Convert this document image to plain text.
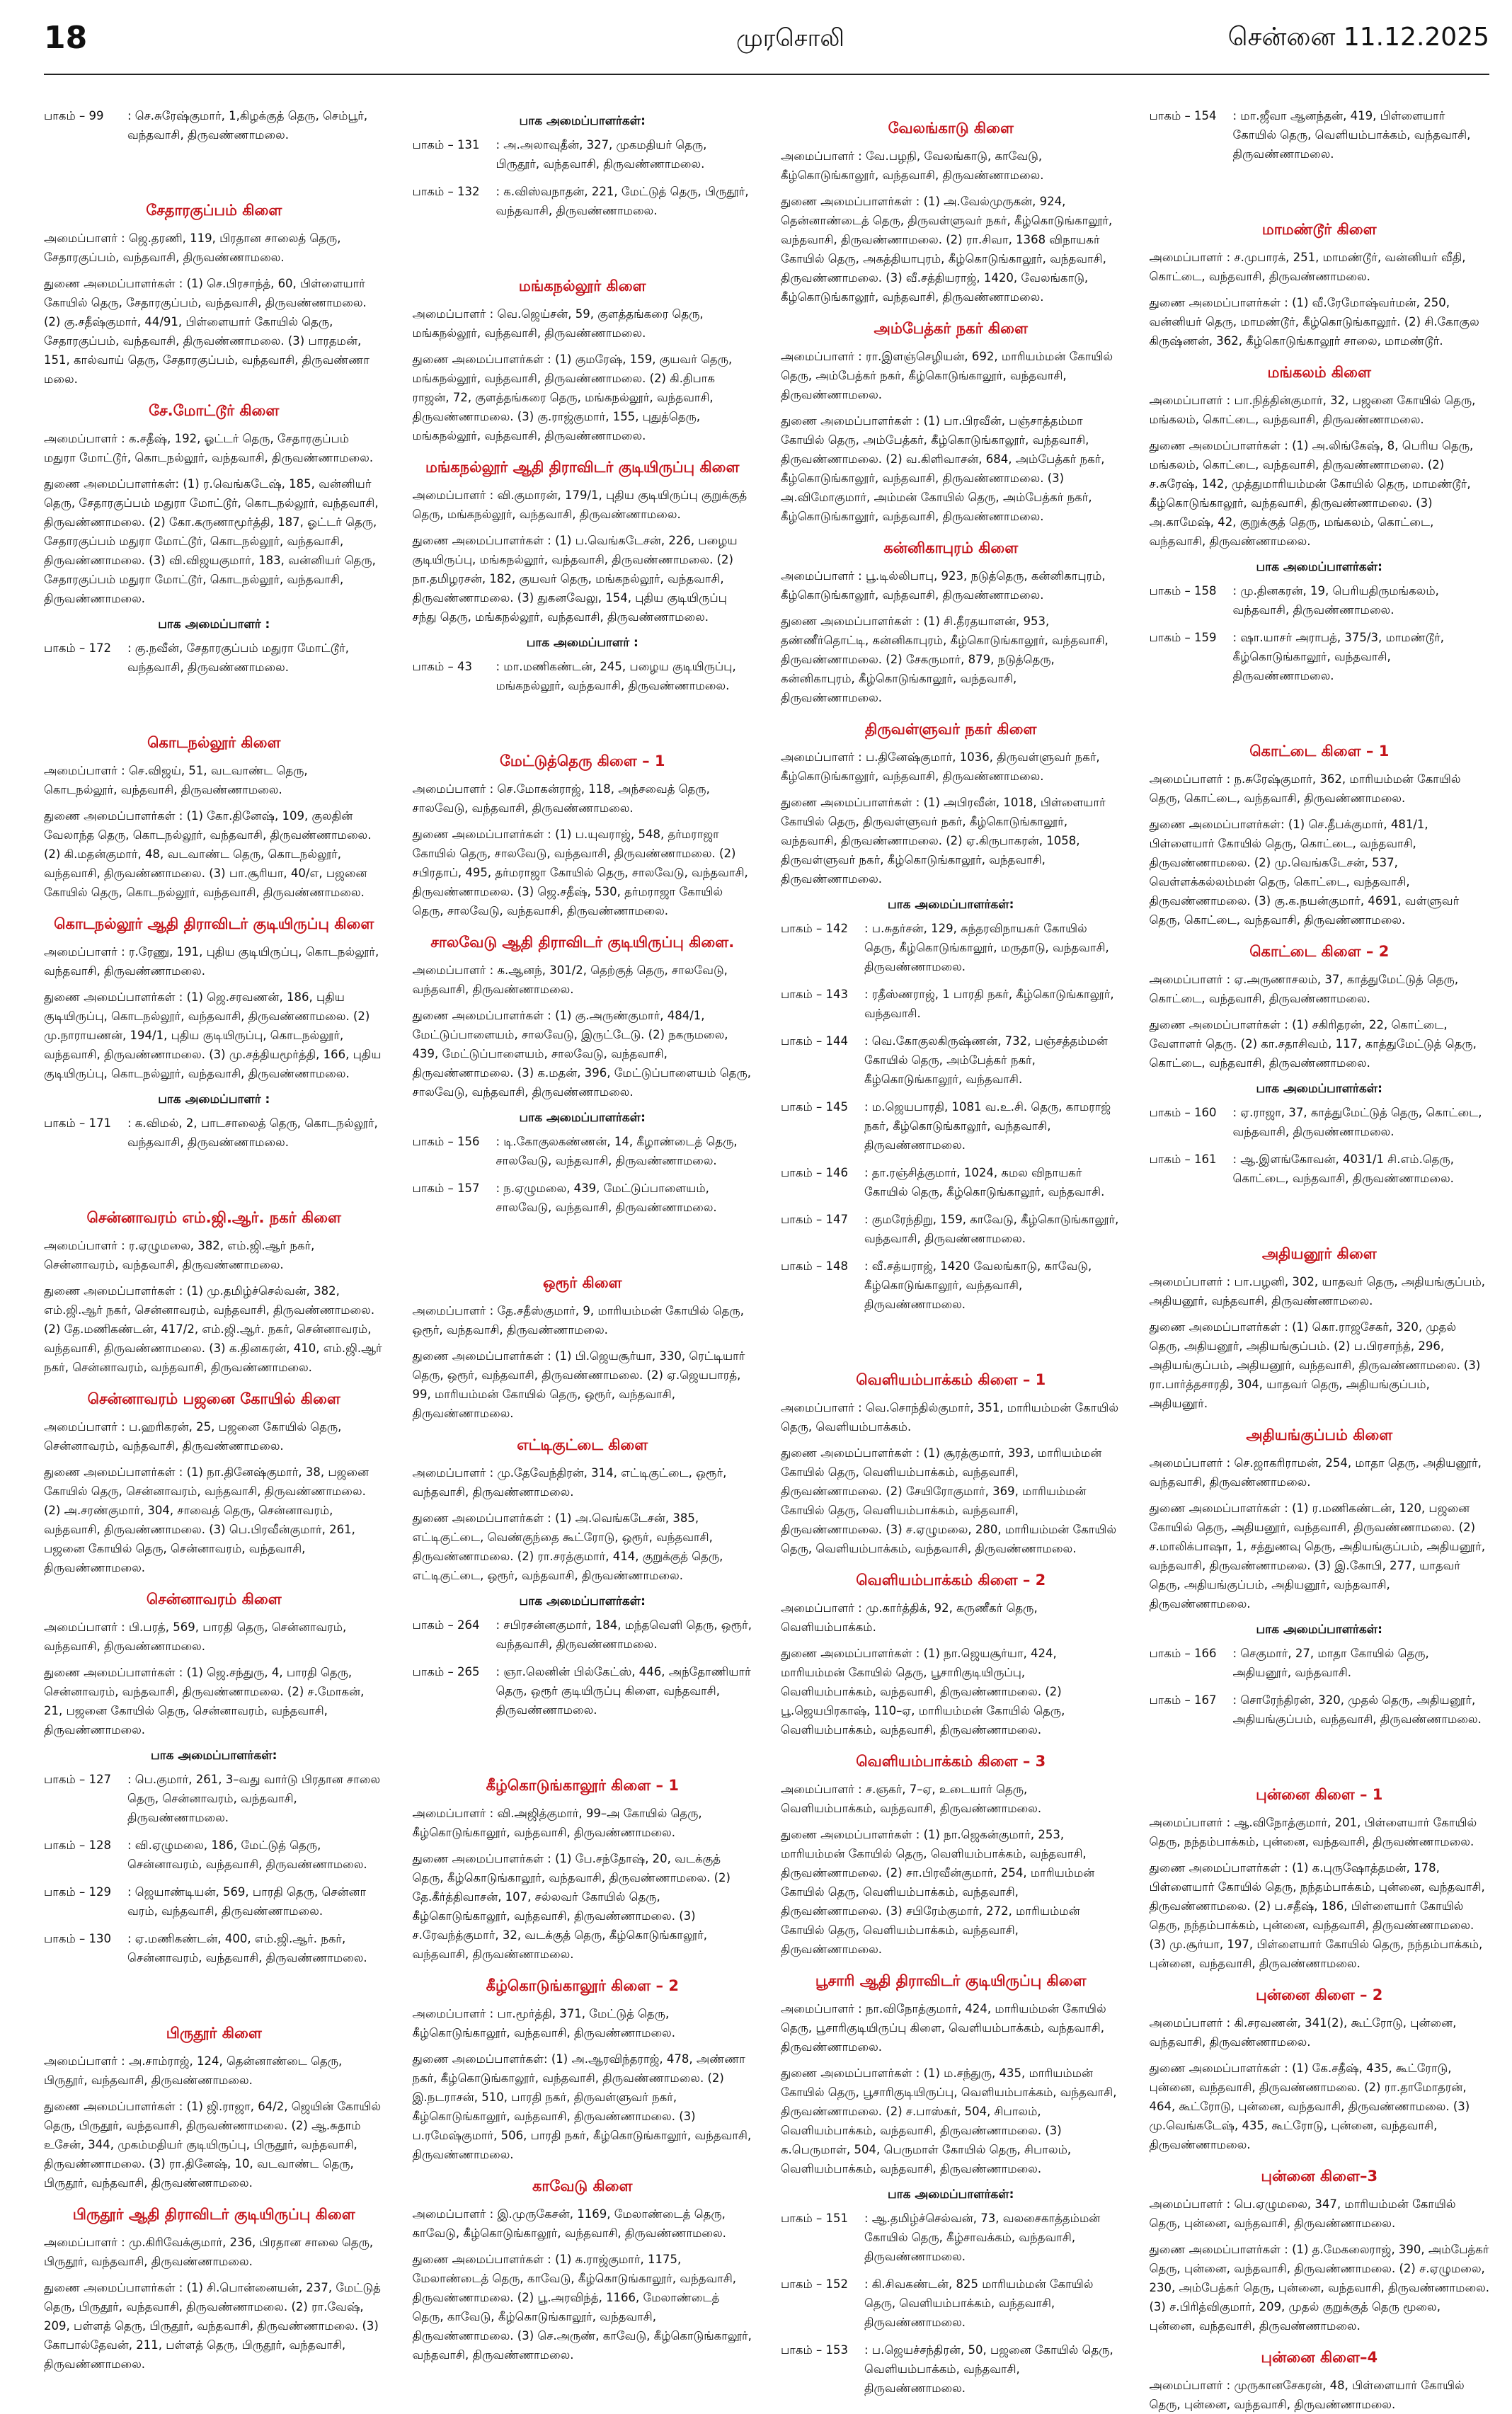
18	முரசொலி	சென்னை 11.12.2025
பாகம் – 99	: செ.சுரேஷ்குமார், 1,கிழக்குத் தெரு, செம்பூர், வந்தவாசி, திருவண்ணாமலை.
சேதாரகுப்பம் கிளை
அமைப்பாளர் : ஜெ.தரணி, 119, பிரதான சாலைத் தெரு, சேதாரகுப்பம், வந்தவாசி, திருவண்ணாமலை.
துணை அமைப்பாளர்கள் : (1) செ.பிரசாந்த், 60, பிள்ளையார் கோயில் தெரு, சேதாரகுப்பம், வந்தவாசி, திருவண்ணாமலை. (2) கு.சதீஷ்குமார், 44/91, பிள்ளையார் கோயில் தெரு, சேதாரகுப்பம், வந்தவாசி, திருவண்ணாமலை. (3) பாரதமன், 151, கால்வாய் தெரு, சேதாரகுப்பம், வந்தவாசி, திருவண்ணா மலை.
சே.மோட்டூர் கிளை
அமைப்பாளர் : க.சதீஷ், 192, ஓட்டர் தெரு, சேதாரகுப்பம் மதுரா மோட்டூர், கொடநல்லூர், வந்தவாசி, திருவண்ணாமலை.
துணை அமைப்பாளர்கள்: (1) ர.வெங்கடேஷ், 185, வன்னியர் தெரு, சேதாரகுப்பம் மதுரா மோட்டூர், கொடநல்லூர், வந்தவாசி, திருவண்ணாமலை. (2) கோ.கருணாமூர்த்தி, 187, ஓட்டர் தெரு, சேதாரகுப்பம் மதுரா மோட்டூர், கொடநல்லூர், வந்தவாசி, திருவண்ணாமலை. (3) வி.விஜயகுமார், 183, வன்னியர் தெரு, சேதாரகுப்பம் மதுரா மோட்டூர், கொடநல்லூர், வந்தவாசி, திருவண்ணாமலை.
பாக அமைப்பாளர் :
பாகம் – 172	: கு.நவீன், சேதாரகுப்பம் மதுரா மோட்டூர், வந்தவாசி, திருவண்ணாமலை.
கொடநல்லூர் கிளை
அமைப்பாளர் : செ.விஜய், 51, வடவாண்ட தெரு, கொடநல்லூர், வந்தவாசி, திருவண்ணாமலை.
துணை அமைப்பாளர்கள் : (1) கோ.தினேஷ், 109, குலதின் வேலாந்த தெரு, கொடநல்லூர், வந்தவாசி, திருவண்ணாமலை. (2) கி.மதன்குமார், 48, வடவாண்ட தெரு, கொடநல்லூர், வந்தவாசி, திருவண்ணாமலை. (3) பா.சூரியா, 40/எ, பஜனை கோயில் தெரு, கொடநல்லூர், வந்தவாசி, திருவண்ணாமலை.
கொடநல்லூர் ஆதி திராவிடர் குடியிருப்பு கிளை
அமைப்பாளர் : ர.ரேணு, 191, புதிய குடியிருப்பு, கொடநல்லூர், வந்தவாசி, திருவண்ணாமலை.
துணை அமைப்பாளர்கள் : (1) ஜெ.சரவணன், 186, புதிய குடியிருப்பு, கொடநல்லூர், வந்தவாசி, திருவண்ணாமலை. (2) மு.நாராயணன், 194/1, புதிய குடியிருப்பு, கொடநல்லூர், வந்தவாசி, திருவண்ணாமலை. (3) மு.சத்தியமூர்த்தி, 166, புதிய குடியிருப்பு, கொடநல்லூர், வந்தவாசி, திருவண்ணாமலை.
பாக அமைப்பாளர் :
பாகம் – 171	: க.விமல், 2, பாடசாலைத் தெரு, கொடநல்லூர், வந்தவாசி, திருவண்ணாமலை.
சென்னாவரம் எம்.ஜி.ஆர். நகர் கிளை
அமைப்பாளர் : ர.ஏழுமலை, 382, எம்.ஜி.ஆர் நகர், சென்னாவரம், வந்தவாசி, திருவண்ணாமலை.
துணை அமைப்பாளர்கள் : (1) மு.தமிழ்ச்செல்வன், 382, எம்.ஜி.ஆர் நகர், சென்னாவரம், வந்தவாசி, திருவண்ணாமலை. (2) தே.மணிகண்டன், 417/2, எம்.ஜி.ஆர். நகர், சென்னாவரம், வந்தவாசி, திருவண்ணாமலை. (3) க.தினகரன், 410, எம்.ஜி.ஆர் நகர், சென்னாவரம், வந்தவாசி, திருவண்ணாமலை.
சென்னாவரம் பஜனை கோயில் கிளை
அமைப்பாளர் : ப.ஹரிகரன், 25, பஜனை கோயில் தெரு, சென்னாவரம், வந்தவாசி, திருவண்ணாமலை.
துணை அமைப்பாளர்கள் : (1) நா.தினேஷ்குமார், 38, பஜனை கோயில் தெரு, சென்னாவரம், வந்தவாசி, திருவண்ணாமலை. (2) அ.சரண்குமார், 304, சாவைத் தெரு, சென்னாவரம், வந்தவாசி, திருவண்ணாமலை. (3) பெ.பிரவீன்குமார், 261, பஜனை கோயில் தெரு, சென்னாவரம், வந்தவாசி, திருவண்ணாமலை.
சென்னாவரம் கிளை
அமைப்பாளர் : பி.பரத், 569, பாரதி தெரு, சென்னாவரம், வந்தவாசி, திருவண்ணாமலை.
துணை அமைப்பாளர்கள் : (1) ஜெ.சந்துரு, 4, பாரதி தெரு, சென்னாவரம், வந்தவாசி, திருவண்ணாமலை. (2) ச.மோகன், 21, பஜனை கோயில் தெரு, சென்னாவரம், வந்தவாசி, திருவண்ணாமலை.
பாக அமைப்பாளர்கள்:
பாகம் – 127	: பெ.குமார், 261, 3–வது வார்டு பிரதான சாலை தெரு, சென்னாவரம், வந்தவாசி, திருவண்ணாமலை.
பாகம் – 128	: வி.ஏழுமலை, 186, மேட்டுத் தெரு, சென்னாவரம், வந்தவாசி, திருவண்ணாமலை.
பாகம் – 129	: ஜெயாண்டியன், 569, பாரதி தெரு, சென்னா வரம், வந்தவாசி, திருவண்ணாமலை.
பாகம் – 130	: ஏ.மணிகண்டன், 400, எம்.ஜி.ஆர். நகர், சென்னாவரம், வந்தவாசி, திருவண்ணாமலை.
பிருதூர் கிளை
அமைப்பாளர் : அ.சாம்ராஜ், 124, தென்னாண்டை தெரு, பிருதூர், வந்தவாசி, திருவண்ணாமலை.
துணை அமைப்பாளர்கள் : (1) ஜி.ராஜா, 64/2, ஜெயின் கோயில் தெரு, பிருதூர், வந்தவாசி, திருவண்ணாமலை. (2) ஆ.சுதாம் உசேன், 344, முகம்மதியர் குடியிருப்பு, பிருதூர், வந்தவாசி, திருவண்ணாமலை. (3) ரா.தினேஷ், 10, வடவாண்ட தெரு, பிருதூர், வந்தவாசி, திருவண்ணாமலை.
பிருதூர் ஆதி திராவிடர் குடியிருப்பு கிளை
அமைப்பாளர் : மு.கிரிவேக்குமார், 236, பிரதான சாலை தெரு, பிருதூர், வந்தவாசி, திருவண்ணாமலை.
துணை அமைப்பாளர்கள் : (1) சி.பொன்னையன், 237, மேட்டுத் தெரு, பிருதூர், வந்தவாசி, திருவண்ணாமலை. (2) ரா.வேஷ், 209, பள்ளத் தெரு, பிருதூர், வந்தவாசி, திருவண்ணாமலை. (3) கோபால்தேவன், 211, பள்ளத் தெரு, பிருதூர், வந்தவாசி, திருவண்ணாமலை.
பாக அமைப்பாளர்கள்:
பாகம் – 131	: அ.அலாவுதீன், 327, முகமதியர் தெரு, பிருதூர், வந்தவாசி, திருவண்ணாமலை.
பாகம் – 132	: க.விஸ்வநாதன், 221, மேட்டுத் தெரு, பிருதூர், வந்தவாசி, திருவண்ணாமலை.
மங்கநல்லூர் கிளை
அமைப்பாளர் : வெ.ஜெய்சன், 59, குளத்தங்கரை தெரு, மங்கநல்லூர், வந்தவாசி, திருவண்ணாமலை.
துணை அமைப்பாளர்கள் : (1) குமரேஷ், 159, குயவர் தெரு, மங்கநல்லூர், வந்தவாசி, திருவண்ணாமலை. (2) கி.திபாக ராஜன், 72, குளத்தங்கரை தெரு, மங்கநல்லூர், வந்தவாசி, திருவண்ணாமலை. (3) கு.ராஜ்குமார், 155, புதுத்தெரு, மங்கநல்லூர், வந்தவாசி, திருவண்ணாமலை.
மங்கநல்லூர் ஆதி திராவிடர் குடியிருப்பு கிளை
அமைப்பாளர் : வி.குமாரன், 179/1, புதிய குடியிருப்பு குறுக்குத் தெரு, மங்கநல்லூர், வந்தவாசி, திருவண்ணாமலை.
துணை அமைப்பாளர்கள் : (1) ப.வெங்கடேசன், 226, பழைய குடியிருப்பு, மங்கநல்லூர், வந்தவாசி, திருவண்ணாமலை. (2) நா.தமிழரசன், 182, குயவர் தெரு, மங்கநல்லூர், வந்தவாசி, திருவண்ணாமலை. (3) துகனவேலு, 154, புதிய குடியிருப்பு சந்து தெரு, மங்கநல்லூர், வந்தவாசி, திருவண்ணாமலை.
பாக அமைப்பாளர் :
பாகம் – 43	: மா.மணிகண்டன், 245, பழைய குடியிருப்பு, மங்கநல்லூர், வந்தவாசி, திருவண்ணாமலை.
மேட்டுத்தெரு கிளை – 1
அமைப்பாளர் : செ.மோகன்ராஜ், 118, அந்சவைத் தெரு, சாலவேடு, வந்தவாசி, திருவண்ணாமலை.
துணை அமைப்பாளர்கள் : (1) ப.யுவராஜ், 548, தர்மராஜா கோயில் தெரு, சாலவேடு, வந்தவாசி, திருவண்ணாமலை. (2) சபிரதாப், 495, தர்மராஜா கோயில் தெரு, சாலவேடு, வந்தவாசி, திருவண்ணாமலை. (3) ஜெ.சதீஷ், 530, தர்மராஜா கோயில் தெரு, சாலவேடு, வந்தவாசி, திருவண்ணாமலை.
சாலவேடு ஆதி திராவிடர் குடியிருப்பு கிளை.
அமைப்பாளர் : க.ஆனந், 301/2, தெற்குத் தெரு, சாலவேடு, வந்தவாசி, திருவண்ணாமலை.
துணை அமைப்பாளர்கள் : (1) கு.அருண்குமார், 484/1, மேட்டுப்பாளையம், சாலவேடு, இருட்டேடு. (2) நகருமலை, 439, மேட்டுப்பாளையம், சாலவேடு, வந்தவாசி, திருவண்ணாமலை. (3) க.மதன், 396, மேட்டுப்பாளையம் தெரு, சாலவேடு, வந்தவாசி, திருவண்ணாமலை.
பாக அமைப்பாளர்கள்:
பாகம் – 156	: டி.கோகுலகண்ணன், 14, கீழாண்டைத் தெரு, சாலவேடு, வந்தவாசி, திருவண்ணாமலை.
பாகம் – 157	: ந.ஏழுமலை, 439, மேட்டுப்பாளையம், சாலவேடு, வந்தவாசி, திருவண்ணாமலை.
ஒரூர் கிளை
அமைப்பாளர் : தே.சதீஸ்குமார், 9, மாரியம்மன் கோயில் தெரு, ஒரூர், வந்தவாசி, திருவண்ணாமலை.
துணை அமைப்பாளர்கள் : (1) பி.ஜெயசூர்யா, 330, ரெட்டியார் தெரு, ஒரூர், வந்தவாசி, திருவண்ணாமலை. (2) ஏ.ஜெயபாரத், 99, மாரியம்மன் கோயில் தெரு, ஒரூர், வந்தவாசி, திருவண்ணாமலை.
எட்டிகுட்டை கிளை
அமைப்பாளர் : மு.தேவேந்திரன், 314, எட்டிகுட்டை, ஒரூர், வந்தவாசி, திருவண்ணாமலை.
துணை அமைப்பாளர்கள் : (1) அ.வெங்கடேசன், 385, எட்டிகுட்டை, வெண்குந்தை கூட்ரோடு, ஒரூர், வந்தவாசி, திருவண்ணாமலை. (2) ரா.சரத்குமார், 414, குறுக்குத் தெரு, எட்டிகுட்டை, ஒரூர், வந்தவாசி, திருவண்ணாமலை.
பாக அமைப்பாளர்கள்:
பாகம் – 264	: சபிரசன்னகுமார், 184, மந்தவெளி தெரு, ஒரூர், வந்தவாசி, திருவண்ணாமலை.
பாகம் – 265	: ஞா.லெனின் பில்கேட்ஸ், 446, அந்தோணியார் தெரு, ஒரூர் குடியிருப்பு கிளை, வந்தவாசி, திருவண்ணாமலை.
கீழ்கொடுங்காலூர் கிளை – 1
அமைப்பாளர் : வி.அஜித்குமார், 99–அ கோயில் தெரு, கீழ்கொடுங்காலூர், வந்தவாசி, திருவண்ணாமலை.
துணை அமைப்பாளர்கள் : (1) பே.சந்தோஷ், 20, வடக்குத் தெரு, கீழ்கொடுங்காலூர், வந்தவாசி, திருவண்ணாமலை. (2) தே.கீர்த்திவாசன், 107, சல்லவர் கோயில் தெரு, கீழ்கொடுங்காலூர், வந்தவாசி, திருவண்ணாமலை. (3) ச.ரேவந்த்குமார், 32, வடக்குத் தெரு, கீழ்கொடுங்காலூர், வந்தவாசி, திருவண்ணாமலை.
கீழ்கொடுங்காலூர் கிளை – 2
அமைப்பாளர் : பா.மூர்த்தி, 371, மேட்டுத் தெரு, கீழ்கொடுங்காலூர், வந்தவாசி, திருவண்ணாமலை.
துணை அமைப்பாளர்கள்: (1) அ.ஆரவிந்தராஜ், 478, அண்ணா நகர், கீழ்கொடுங்காலூர், வந்தவாசி, திருவண்ணாமலை. (2) இ.நடராசன், 510, பாரதி நகர், திருவள்ளுவர் நகர், கீழ்கொடுங்காலூர், வந்தவாசி, திருவண்ணாமலை. (3) ப.ரமேஷ்குமார், 506, பாரதி நகர், கீழ்கொடுங்காலூர், வந்தவாசி, திருவண்ணாமலை.
காவேடு கிளை
அமைப்பாளர் : இ.முருகேசன், 1169, மேலாண்டைத் தெரு, காவேடு, கீழ்கொடுங்காலூர், வந்தவாசி, திருவண்ணாமலை.
துணை அமைப்பாளர்கள் : (1) க.ராஜ்குமார், 1175, மேலாண்டைத் தெரு, காவேடு, கீழ்கொடுங்காலூர், வந்தவாசி, திருவண்ணாமலை. (2) பூ.அரவிந்த், 1166, மேலாண்டைத் தெரு, காவேடு, கீழ்கொடுங்காலூர், வந்தவாசி, திருவண்ணாமலை. (3) செ.அருண், காவேடு, கீழ்கொடுங்காலூர், வந்தவாசி, திருவண்ணாமலை.
வேலங்காடு கிளை
அமைப்பாளர் : வே.பழநி, வேலங்காடு, காவேடு, கீழ்கொடுங்காலூர், வந்தவாசி, திருவண்ணாமலை.
துணை அமைப்பாளர்கள் : (1) அ.வேல்முருகன், 924, தென்னாண்டைத் தெரு, திருவள்ளுவர் நகர், கீழ்கொடுங்காலூர், வந்தவாசி, திருவண்ணாமலை. (2) ரா.சிவா, 1368 விநாயகர் கோயில் தெரு, அகத்தியாபுரம், கீழ்கொடுங்காலூர், வந்தவாசி, திருவண்ணாமலை. (3) வீ.சத்தியராஜ், 1420, வேலங்காடு, கீழ்கொடுங்காலூர், வந்தவாசி, திருவண்ணாமலை.
அம்பேத்கர் நகர் கிளை
அமைப்பாளர் : ரா.இளஞ்செழியன், 692, மாரியம்மன் கோயில் தெரு, அம்பேத்கர் நகர், கீழ்கொடுங்காலூர், வந்தவாசி, திருவண்ணாமலை.
துணை அமைப்பாளர்கள் : (1) பா.பிரவீன், பஞ்சாத்தம்மா கோயில் தெரு, அம்பேத்கர், கீழ்கொடுங்காலூர், வந்தவாசி, திருவண்ணாமலை. (2) வ.கிளிவாசன், 684, அம்பேத்கர் நகர், கீழ்கொடுங்காலூர், வந்தவாசி, திருவண்ணாமலை. (3) அ.விமோகுமார், அம்மன் கோயில் தெரு, அம்பேத்கர் நகர், கீழ்கொடுங்காலூர், வந்தவாசி, திருவண்ணாமலை.
கன்னிகாபுரம் கிளை
அமைப்பாளர் : பூ.டில்லிபாபு, 923, நடுத்தெரு, கன்னிகாபுரம், கீழ்கொடுங்காலூர், வந்தவாசி, திருவண்ணாமலை.
துணை அமைப்பாளர்கள் : (1) சி.தீரதயாளன், 953, தண்ணீர்தொட்டி, கன்னிகாபுரம், கீழ்கொடுங்காலூர், வந்தவாசி, திருவண்ணாமலை. (2) சேகருமார், 879, நடுத்தெரு, கன்னிகாபுரம், கீழ்கொடுங்காலூர், வந்தவாசி, திருவண்ணாமலை.
திருவள்ளுவர் நகர் கிளை
அமைப்பாளர் : ப.தினேஷ்குமார், 1036, திருவள்ளுவர் நகர், கீழ்கொடுங்காலூர், வந்தவாசி, திருவண்ணாமலை.
துணை அமைப்பாளர்கள் : (1) அபிரவீன், 1018, பிள்ளையார் கோயில் தெரு, திருவள்ளுவர் நகர், கீழ்கொடுங்காலூர், வந்தவாசி, திருவண்ணாமலை. (2) ஏ.கிருபாகரன், 1058, திருவள்ளுவர் நகர், கீழ்கொடுங்காலூர், வந்தவாசி, திருவண்ணாமலை.
பாக அமைப்பாளர்கள்:
பாகம் – 142	: ப.சுதர்சன், 129, சுந்தரவிநாயகர் கோயில் தெரு, கீழ்கொடுங்காலூர், மருதாடு, வந்தவாசி, திருவண்ணாமலை.
பாகம் – 143	: ரதீஸ்ணராஜ், 1 பாரதி நகர், கீழ்கொடுங்காலூர், வந்தவாசி.
பாகம் – 144	: வெ.கோகுலகிருஷ்ணன், 732, பஞ்சத்தம்மன் கோயில் தெரு, அம்பேத்கர் நகர், கீழ்கொடுங்காலூர், வந்தவாசி.
பாகம் – 145	: ம.ஜெயபாரதி, 1081 வ.உ.சி. தெரு, காமராஜ் நகர், கீழ்கொடுங்காலூர், வந்தவாசி, திருவண்ணாமலை.
பாகம் – 146	: தா.ரஞ்சித்குமார், 1024, கமல விநாயகர் கோயில் தெரு, கீழ்கொடுங்காலூர், வந்தவாசி.
பாகம் – 147	: குமரேந்திறு, 159, காவேடு, கீழ்கொடுங்காலூர், வந்தவாசி, திருவண்ணாமலை.
பாகம் – 148	: வீ.சத்யராஜ், 1420 வேலங்காடு, காவேடு, கீழ்கொடுங்காலூர், வந்தவாசி, திருவண்ணாமலை.
வெளியம்பாக்கம் கிளை – 1
அமைப்பாளர் : வெ.சொந்தில்குமார், 351, மாரியம்மன் கோயில் தெரு, வெளியம்பாக்கம்.
துணை அமைப்பாளர்கள் : (1) சூரத்குமார், 393, மாரியம்மன் கோயில் தெரு, வெளியம்பாக்கம், வந்தவாசி, திருவண்ணாமலை. (2) சேயிரோகுமார், 369, மாரியம்மன் கோயில் தெரு, வெளியம்பாக்கம், வந்தவாசி, திருவண்ணாமலை. (3) ச.ஏழுமலை, 280, மாரியம்மன் கோயில் தெரு, வெளியம்பாக்கம், வந்தவாசி, திருவண்ணாமலை.
வெளியம்பாக்கம் கிளை – 2
அமைப்பாளர் : மு.கார்த்திக், 92, கருணீகர் தெரு, வெளியம்பாக்கம்.
துணை அமைப்பாளர்கள் : (1) நா.ஜெயசூர்யா, 424, மாரியம்மன் கோயில் தெரு, பூசாரிகுடியிருப்பு, வெளியம்பாக்கம், வந்தவாசி, திருவண்ணாமலை. (2) பூ.ஜெயபிரகாஷ், 110–ஏ, மாரியம்மன் கோயில் தெரு, வெளியம்பாக்கம், வந்தவாசி, திருவண்ணாமலை.
வெளியம்பாக்கம் கிளை – 3
அமைப்பாளர் : ச.ஞகர், 7–ஏ, உடையார் தெரு, வெளியம்பாக்கம், வந்தவாசி, திருவண்ணாமலை.
துணை அமைப்பாளர்கள் : (1) நா.ஜெகன்குமார், 253, மாரியம்மன் கோயில் தெரு, வெளியம்பாக்கம், வந்தவாசி, திருவண்ணாமலை. (2) சா.பிரவீன்குமார், 254, மாரியம்மன் கோயில் தெரு, வெளியம்பாக்கம், வந்தவாசி, திருவண்ணாமலை. (3) சபிரேம்குமார், 272, மாரியம்மன் கோயில் தெரு, வெளியம்பாக்கம், வந்தவாசி, திருவண்ணாமலை.
பூசாரி ஆதி திராவிடர் குடியிருப்பு கிளை
அமைப்பாளர் : நா.விநோத்குமார், 424, மாரியம்மன் கோயில் தெரு, பூசாரிகுடியிருப்பு கிளை, வெளியம்பாக்கம், வந்தவாசி, திருவண்ணாமலை.
துணை அமைப்பாளர்கள் : (1) ம.சந்துரு, 435, மாரியம்மன் கோயில் தெரு, பூசாரிகுடியிருப்பு, வெளியம்பாக்கம், வந்தவாசி, திருவண்ணாமலை. (2) ச.பாஸ்கர், 504, சிபாலம், வெளியம்பாக்கம், வந்தவாசி, திருவண்ணாமலை. (3) க.பெருமாள், 504, பெருமாள் கோயில் தெரு, சிபாலம், வெளியம்பாக்கம், வந்தவாசி, திருவண்ணாமலை.
பாக அமைப்பாளர்கள்:
பாகம் – 151	: ஆ.தமிழ்ச்செல்வன், 73, வலசைகாத்தம்மன் கோயில் தெரு, கீழ்சாவக்கம், வந்தவாசி, திருவண்ணாமலை.
பாகம் – 152	: கி.சிவகண்டன், 825 மாரியம்மன் கோயில் தெரு, வெளியம்பாக்கம், வந்தவாசி, திருவண்ணாமலை.
பாகம் – 153	: ப.ஜெயச்சந்திரன், 50, பஜனை கோயில் தெரு, வெளியம்பாக்கம், வந்தவாசி, திருவண்ணாமலை.
பாகம் – 154	: மா.ஜீவா ஆனந்தன், 419, பிள்ளையார் கோயில் தெரு, வெளியம்பாக்கம், வந்தவாசி, திருவண்ணாமலை.
மாமண்டூர் கிளை
அமைப்பாளர் : ச.முபாரக், 251, மாமண்டூர், வன்னியர் வீதி, கொட்டை, வந்தவாசி, திருவண்ணாமலை.
துணை அமைப்பாளர்கள் : (1) வீ.ரேமோஷ்வர்மன், 250, வன்னியர் தெரு, மாமண்டூர், கீழ்கொடுங்காலூர். (2) சி.கோகுல கிருஷ்ணன், 362, கீழ்கொடுங்காலூர் சாலை, மாமண்டூர்.
மங்கலம் கிளை
அமைப்பாளர் : பா.நித்தின்குமார், 32, பஜனை கோயில் தெரு, மங்கலம், கொட்டை, வந்தவாசி, திருவண்ணாமலை.
துணை அமைப்பாளர்கள் : (1) அ.லிங்கேஷ், 8, பெரிய தெரு, மங்கலம், கொட்டை, வந்தவாசி, திருவண்ணாமலை. (2) ச.சுரேஷ், 142, முத்துமாரியம்மன் கோயில் தெரு, மாமண்டூர், கீழ்கொடுங்காலூர், வந்தவாசி, திருவண்ணாமலை. (3) அ.காமேஷ், 42, குறுக்குத் தெரு, மங்கலம், கொட்டை, வந்தவாசி, திருவண்ணாமலை.
பாக அமைப்பாளர்கள்:
பாகம் – 158	: மு.தினகரன், 19, பெரியதிருமங்கலம், வந்தவாசி, திருவண்ணாமலை.
பாகம் – 159	: ஷா.யாசர் அராபத், 375/3, மாமண்டூர், கீழ்கொடுங்காலூர், வந்தவாசி, திருவண்ணாமலை.
கொட்டை கிளை – 1
அமைப்பாளர் : ந.சுரேஷ்குமார், 362, மாரியம்மன் கோயில் தெரு, கொட்டை, வந்தவாசி, திருவண்ணாமலை.
துணை அமைப்பாளர்கள்: (1) செ.தீபக்குமார், 481/1, பிள்ளையார் கோயில் தெரு, கொட்டை, வந்தவாசி, திருவண்ணாமலை. (2) மு.வெங்கடேசன், 537, வெள்ளக்கல்லம்மன் தெரு, கொட்டை, வந்தவாசி, திருவண்ணாமலை. (3) கு.க.நயன்குமார், 4691, வள்ளுவர் தெரு, கொட்டை, வந்தவாசி, திருவண்ணாமலை.
கொட்டை கிளை – 2
அமைப்பாளர் : ஏ.அருணாசலம், 37, காத்துமேட்டுத் தெரு, கொட்டை, வந்தவாசி, திருவண்ணாமலை.
துணை அமைப்பாளர்கள் : (1) சகிரிதரன், 22, கொட்டை, வேளாளர் தெரு. (2) கா.சதாசிவம், 117, காத்துமேட்டுத் தெரு, கொட்டை, வந்தவாசி, திருவண்ணாமலை.
பாக அமைப்பாளர்கள்:
பாகம் – 160	: ஏ.ராஜா, 37, காத்துமேட்டுத் தெரு, கொட்டை, வந்தவாசி, திருவண்ணாமலை.
பாகம் – 161	: ஆ.இளங்கோவன், 4031/1 சி.எம்.தெரு, கொட்டை, வந்தவாசி, திருவண்ணாமலை.
அதியனூர் கிளை
அமைப்பாளர் : பா.பழனி, 302, யாதவர் தெரு, அதியங்குப்பம், அதியனூர், வந்தவாசி, திருவண்ணாமலை.
துணை அமைப்பாளர்கள் : (1) கொ.ராஜசேகர், 320, முதல் தெரு, அதியனூர், அதியங்குப்பம். (2) ப.பிரசாந்த், 296, அதியங்குப்பம், அதியனூர், வந்தவாசி, திருவண்ணாமலை. (3) ரா.பார்த்தசாரதி, 304, யாதவர் தெரு, அதியங்குப்பம், அதியனூர்.
அதியங்குப்பம் கிளை
அமைப்பாளர் : செ.ஜாகரிராமன், 254, மாதா தெரு, அதியனூர், வந்தவாசி, திருவண்ணாமலை.
துணை அமைப்பாளர்கள் : (1) ர.மணிகண்டன், 120, பஜனை கோயில் தெரு, அதியனூர், வந்தவாசி, திருவண்ணாமலை. (2) ச.மாலிக்பாஷா, 1, சத்துணவு தெரு, அதியங்குப்பம், அதியனூர், வந்தவாசி, திருவண்ணாமலை. (3) இ.கோபி, 277, யாதவர் தெரு, அதியங்குப்பம், அதியனூர், வந்தவாசி, திருவண்ணாமலை.
பாக அமைப்பாளர்கள்:
பாகம் – 166	: செகுமார், 27, மாதா கோயில் தெரு, அதியனூர், வந்தவாசி.
பாகம் – 167	: சொரேந்திரன், 320, முதல் தெரு, அதியனூர், அதியங்குப்பம், வந்தவாசி, திருவண்ணாமலை.
புன்னை கிளை – 1
அமைப்பாளர் : ஆ.விநோத்குமார், 201, பிள்ளையார் கோயில் தெரு, நந்தம்பாக்கம், புன்னை, வந்தவாசி, திருவண்ணாமலை.
துணை அமைப்பாளர்கள் : (1) க.புருஷோத்தமன், 178, பிள்ளையார் கோயில் தெரு, நந்தம்பாக்கம், புன்னை, வந்தவாசி, திருவண்ணாமலை. (2) ப.சதீஷ், 186, பிள்ளையார் கோயில் தெரு, நந்தம்பாக்கம், புன்னை, வந்தவாசி, திருவண்ணாமலை. (3) மு.சூர்யா, 197, பிள்ளையார் கோயில் தெரு, நந்தம்பாக்கம், புன்னை, வந்தவாசி, திருவண்ணாமலை.
புன்னை கிளை – 2
அமைப்பாளர் : கி.சரவணன், 341(2), கூட்ரோடு, புன்னை, வந்தவாசி, திருவண்ணாமலை.
துணை அமைப்பாளர்கள் : (1) கே.சதீஷ், 435, கூட்ரோடு, புன்னை, வந்தவாசி, திருவண்ணாமலை. (2) ரா.தாமோதரன், 464, கூட்ரோடு, புன்னை, வந்தவாசி, திருவண்ணாமலை. (3) மு.வெங்கடேஷ், 435, கூட்ரோடு, புன்னை, வந்தவாசி, திருவண்ணாமலை.
புன்னை கிளை–3
அமைப்பாளர் : பெ.ஏழுமலை, 347, மாரியம்மன் கோயில் தெரு, புன்னை, வந்தவாசி, திருவண்ணாமலை.
துணை அமைப்பாளர்கள் : (1) த.மேகலைராஜ், 390, அம்பேத்கர் தெரு, புன்னை, வந்தவாசி, திருவண்ணாமலை. (2) ச.ஏழுமலை, 230, அம்பேத்கர் தெரு, புன்னை, வந்தவாசி, திருவண்ணாமலை. (3) ச.பிரித்விகுமார், 209, முதல் குறுக்குத் தெரு மூலை, புன்னை, வந்தவாசி, திருவண்ணாமலை.
புன்னை கிளை–4
அமைப்பாளர் : முருகானசேகரன், 48, பிள்ளையார் கோயில் தெரு, புன்னை, வந்தவாசி, திருவண்ணாமலை.
